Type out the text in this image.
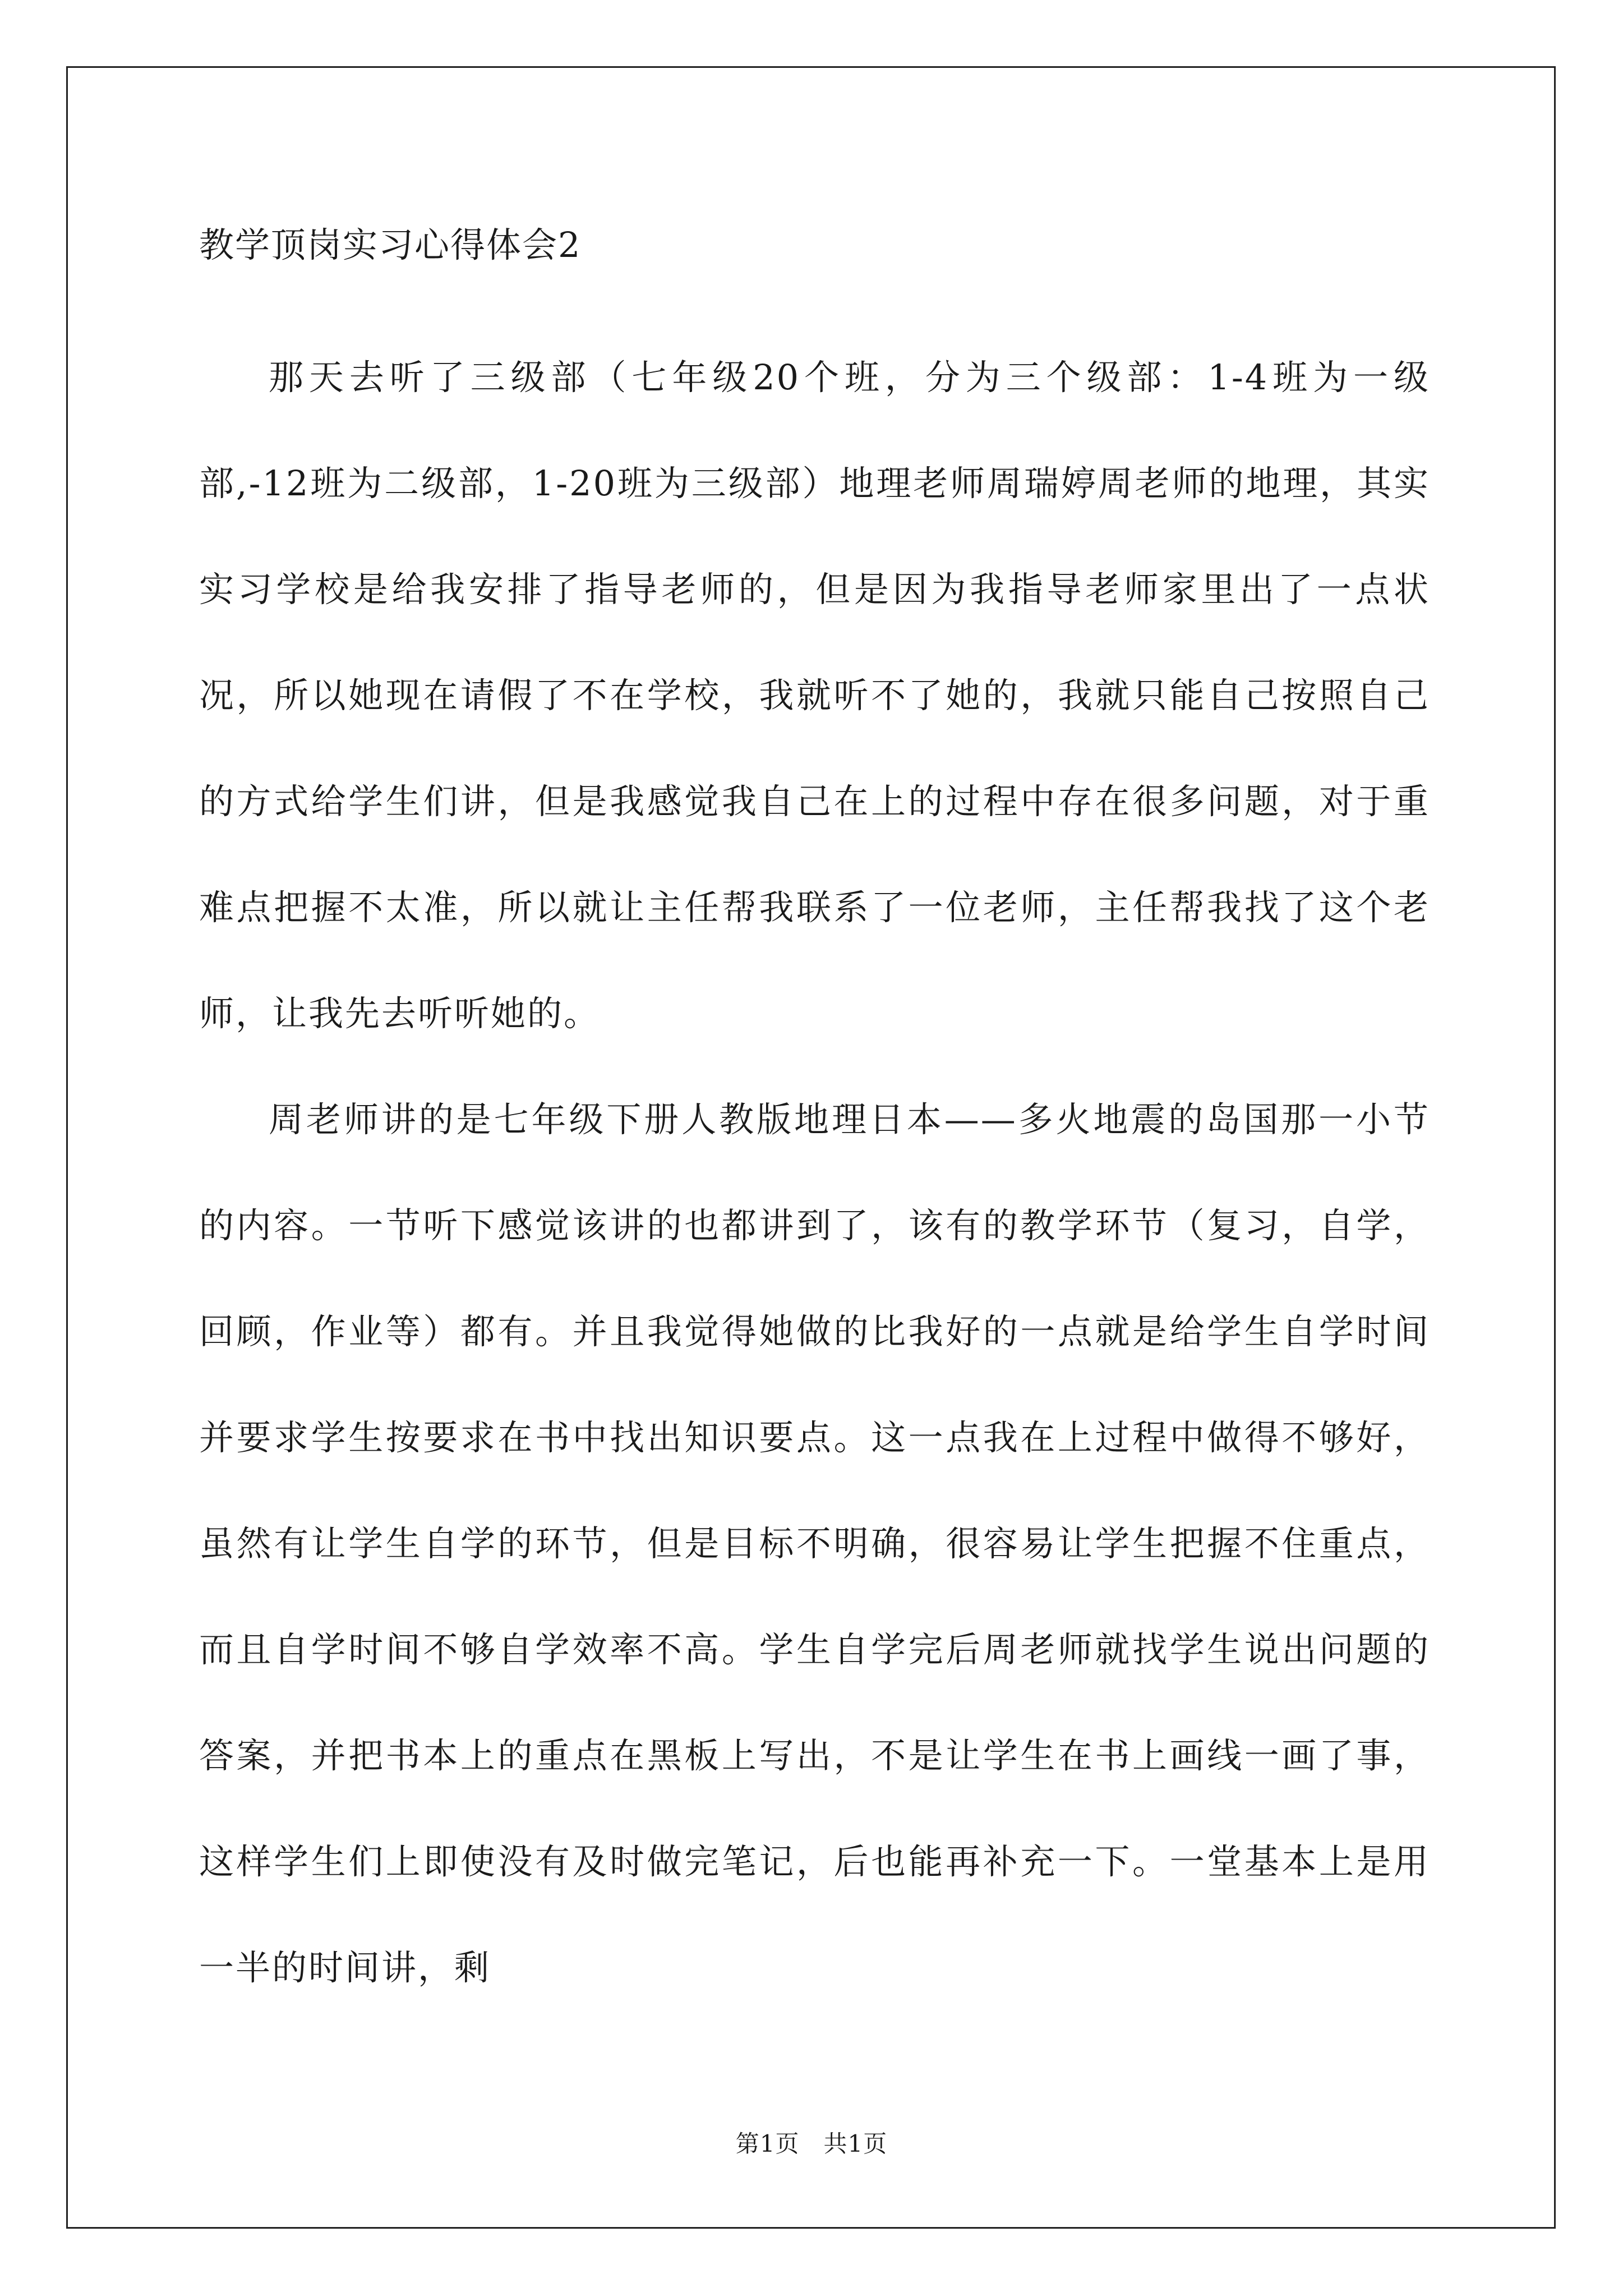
教学顶岗实习心得体会2

那天去听了三级部（七年级20个班，分为三个级部：1-4班为一级部,-12班为二级部，1-20班为三级部）地理老师周瑞婷周老师的地理，其实实习学校是给我安排了指导老师的，但是因为我指导老师家里出了一点状况，所以她现在请假了不在学校，我就听不了她的，我就只能自己按照自己的方式给学生们讲，但是我感觉我自己在上的过程中存在很多问题，对于重难点把握不太准，所以就让主任帮我联系了一位老师，主任帮我找了这个老师，让我先去听听她的。

周老师讲的是七年级下册人教版地理日本——多火地震的岛国那一小节的内容。一节听下感觉该讲的也都讲到了，该有的教学环节（复习，自学，回顾，作业等）都有。并且我觉得她做的比我好的一点就是给学生自学时间并要求学生按要求在书中找出知识要点。这一点我在上过程中做得不够好，虽然有让学生自学的环节，但是目标不明确，很容易让学生把握不住重点，而且自学时间不够自学效率不高。学生自学完后周老师就找学生说出问题的答案，并把书本上的重点在黑板上写出，不是让学生在书上画线一画了事，这样学生们上即使没有及时做完笔记，后也能再补充一下。一堂基本上是用一半的时间讲，剩

第1页　共1页
